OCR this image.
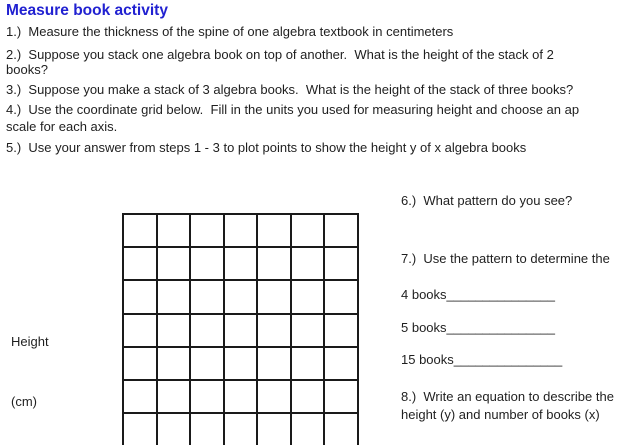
Measure book activity
1.)  Measure the thickness of the spine of one algebra textbook in centimeters
2.)  Suppose you stack one algebra book on top of another.  What is the height of the stack of 2
books?
3.)  Suppose you make a stack of 3 algebra books.  What is the height of the stack of three books?
4.)  Use the coordinate grid below.  Fill in the units you used for measuring height and choose an ap
scale for each axis.
5.)  Use your answer from steps 1 - 3 to plot points to show the height y of x algebra books

Height

(cm)

6.)  What pattern do you see?
7.)  Use the pattern to determine the
4 books_______________
5 books_______________
15 books_______________
8.)  Write an equation to describe the
height (y) and number of books (x)
